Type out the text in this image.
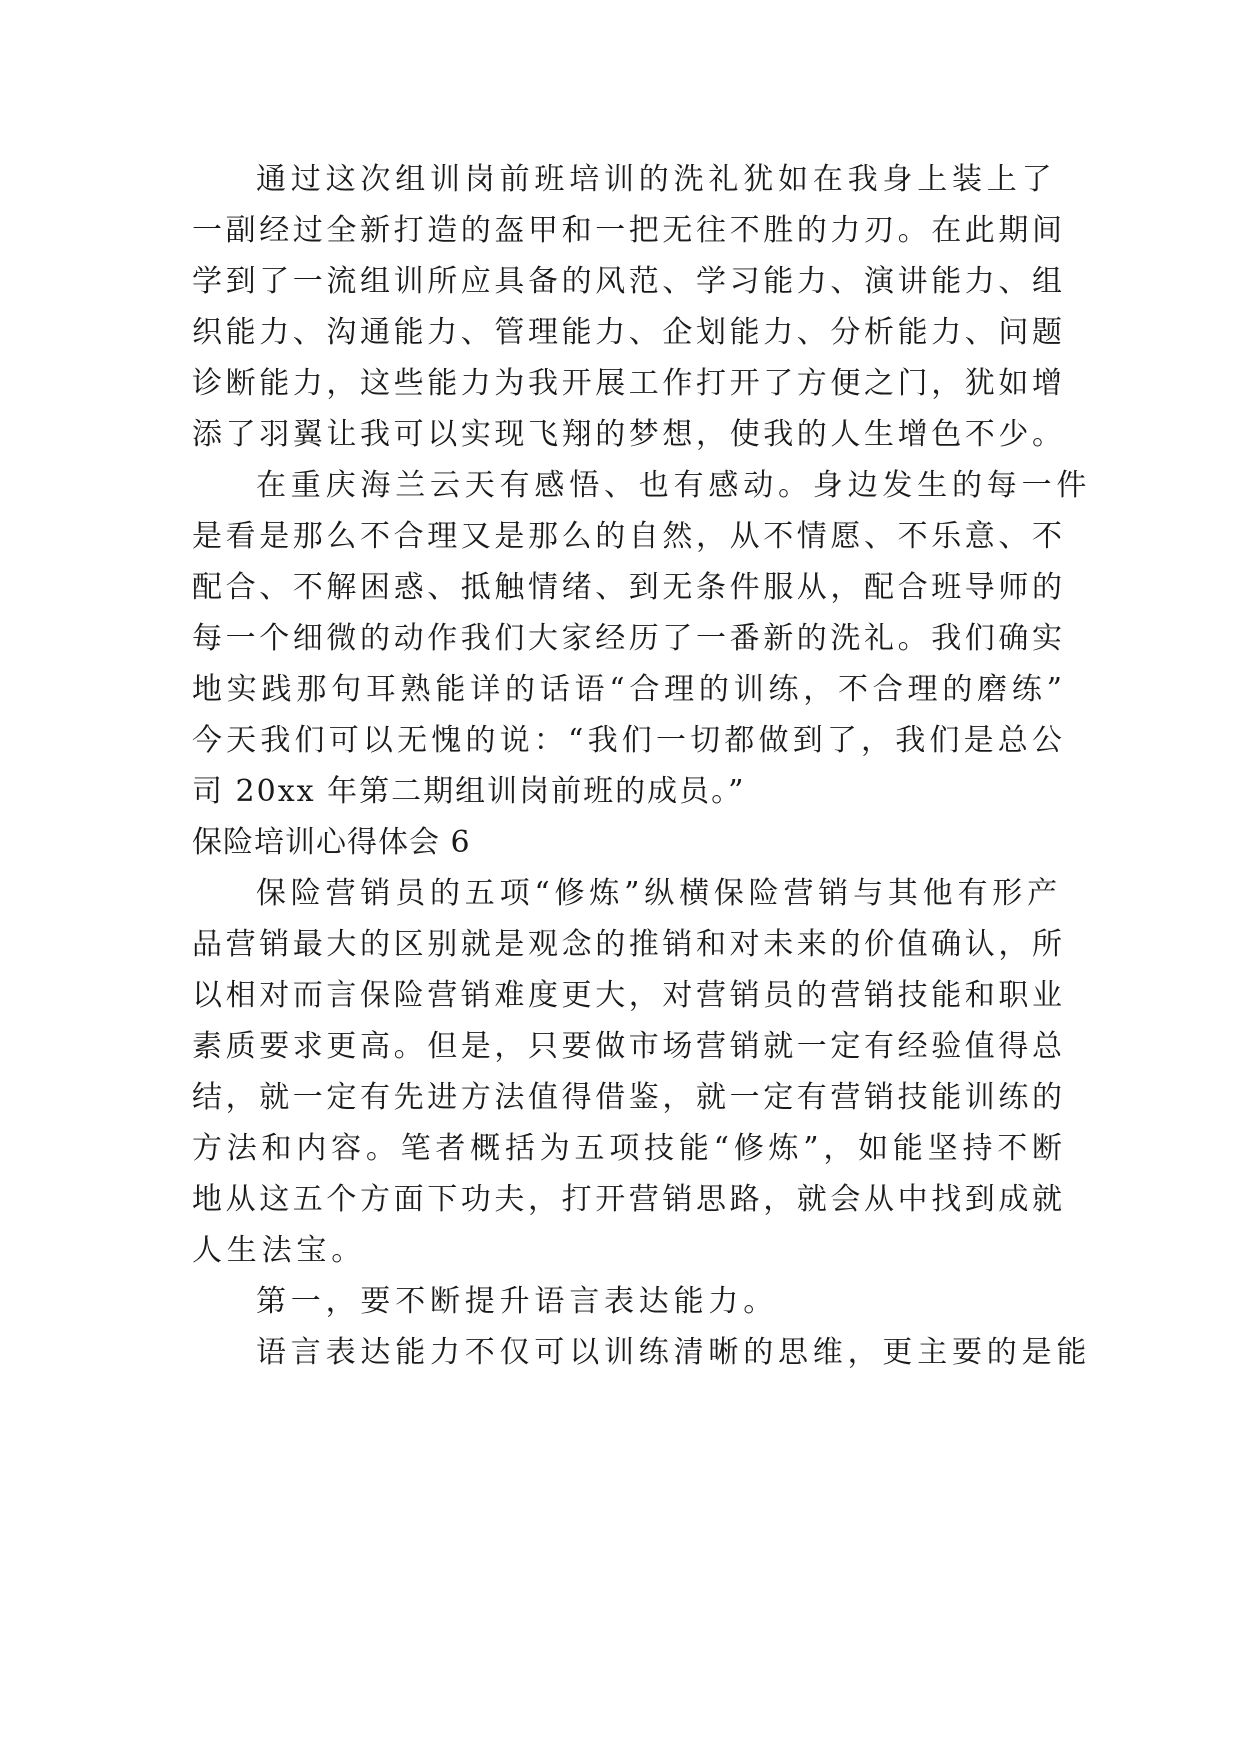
通过这次组训岗前班培训的洗礼犹如在我身上装上了

一副经过全新打造的盔甲和一把无往不胜的力刃。在此期间

学到了一流组训所应具备的风范、学习能力、演讲能力、组

织能力、沟通能力、管理能力、企划能力、分析能力、问题

诊断能力，这些能力为我开展工作打开了方便之门，犹如增

添了羽翼让我可以实现飞翔的梦想，使我的人生增色不少。

在重庆海兰云天有感悟、也有感动。身边发生的每一件

是看是那么不合理又是那么的自然，从不情愿、不乐意、不

配合、不解困惑、抵触情绪、到无条件服从，配合班导师的

每一个细微的动作我们大家经历了一番新的洗礼。我们确实

地实践那句耳熟能详的话语“合理的训练，不合理的磨练”

今天我们可以无愧的说：“我们一切都做到了，我们是总公

司 20xx 年第二期组训岗前班的成员。”

保险培训心得体会 6

保险营销员的五项“修炼”纵横保险营销与其他有形产

品营销最大的区别就是观念的推销和对未来的价值确认，所

以相对而言保险营销难度更大，对营销员的营销技能和职业

素质要求更高。但是，只要做市场营销就一定有经验值得总

结，就一定有先进方法值得借鉴，就一定有营销技能训练的

方法和内容。笔者概括为五项技能“修炼”，如能坚持不断

地从这五个方面下功夫，打开营销思路，就会从中找到成就

人生法宝。

第一，要不断提升语言表达能力。

语言表达能力不仅可以训练清晰的思维，更主要的是能
